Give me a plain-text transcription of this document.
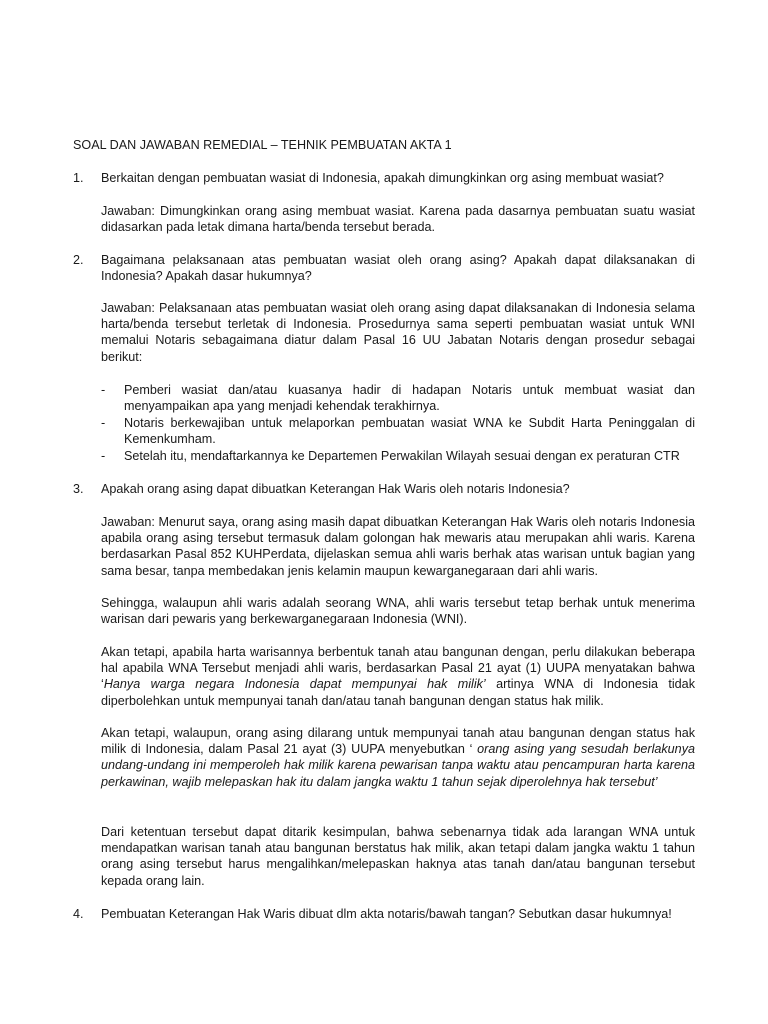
SOAL DAN JAWABAN REMEDIAL – TEHNIK PEMBUATAN AKTA 1
1. Berkaitan dengan pembuatan wasiat di Indonesia, apakah dimungkinkan org asing membuat wasiat?
Jawaban: Dimungkinkan orang asing membuat wasiat. Karena pada dasarnya pembuatan suatu wasiat didasarkan pada letak dimana harta/benda tersebut berada.
2. Bagaimana pelaksanaan atas pembuatan wasiat oleh orang asing? Apakah dapat dilaksanakan di Indonesia? Apakah dasar hukumnya?
Jawaban: Pelaksanaan atas pembuatan wasiat oleh orang asing dapat dilaksanakan di Indonesia selama harta/benda tersebut terletak di Indonesia. Prosedurnya sama seperti pembuatan wasiat untuk WNI memalui Notaris sebagaimana diatur dalam Pasal 16 UU Jabatan Notaris dengan prosedur sebagai berikut:
- Pemberi wasiat dan/atau kuasanya hadir di hadapan Notaris untuk membuat wasiat dan menyampaikan apa yang menjadi kehendak terakhirnya.
- Notaris berkewajiban untuk melaporkan pembuatan wasiat WNA ke Subdit Harta Peninggalan di Kemenkumham.
- Setelah itu, mendaftarkannya ke Departemen Perwakilan Wilayah sesuai dengan ex peraturan CTR
3. Apakah orang asing dapat dibuatkan Keterangan Hak Waris oleh notaris Indonesia?
Jawaban: Menurut saya, orang asing masih dapat dibuatkan Keterangan Hak Waris oleh notaris Indonesia apabila orang asing tersebut termasuk dalam golongan hak mewaris atau merupakan ahli waris. Karena berdasarkan Pasal 852 KUHPerdata, dijelaskan semua ahli waris berhak atas warisan untuk bagian yang sama besar, tanpa membedakan jenis kelamin maupun kewarganegaraan dari ahli waris.
Sehingga, walaupun ahli waris adalah seorang WNA, ahli waris tersebut tetap berhak untuk menerima warisan dari pewaris yang berkewarganegaraan Indonesia (WNI).
Akan tetapi, apabila harta warisannya berbentuk tanah atau bangunan dengan, perlu dilakukan beberapa hal apabila WNA Tersebut menjadi ahli waris, berdasarkan Pasal 21 ayat (1) UUPA menyatakan bahwa ‘Hanya warga negara Indonesia dapat mempunyai hak milik’ artinya WNA di Indonesia tidak diperbolehkan untuk mempunyai tanah dan/atau tanah bangunan dengan status hak milik.
Akan tetapi, walaupun, orang asing dilarang untuk mempunyai tanah atau bangunan dengan status hak milik di Indonesia, dalam Pasal 21 ayat (3) UUPA menyebutkan ‘ orang asing yang sesudah berlakunya undang-undang ini memperoleh hak milik karena pewarisan tanpa waktu atau pencampuran harta karena perkawinan, wajib melepaskan hak itu dalam jangka waktu 1 tahun sejak diperolehnya hak tersebut’
Dari ketentuan tersebut dapat ditarik kesimpulan, bahwa sebenarnya tidak ada larangan WNA untuk mendapatkan warisan tanah atau bangunan berstatus hak milik, akan tetapi dalam jangka waktu 1 tahun orang asing tersebut harus mengalihkan/melepaskan haknya atas tanah dan/atau bangunan tersebut kepada orang lain.
4. Pembuatan Keterangan Hak Waris dibuat dlm akta notaris/bawah tangan? Sebutkan dasar hukumnya!
